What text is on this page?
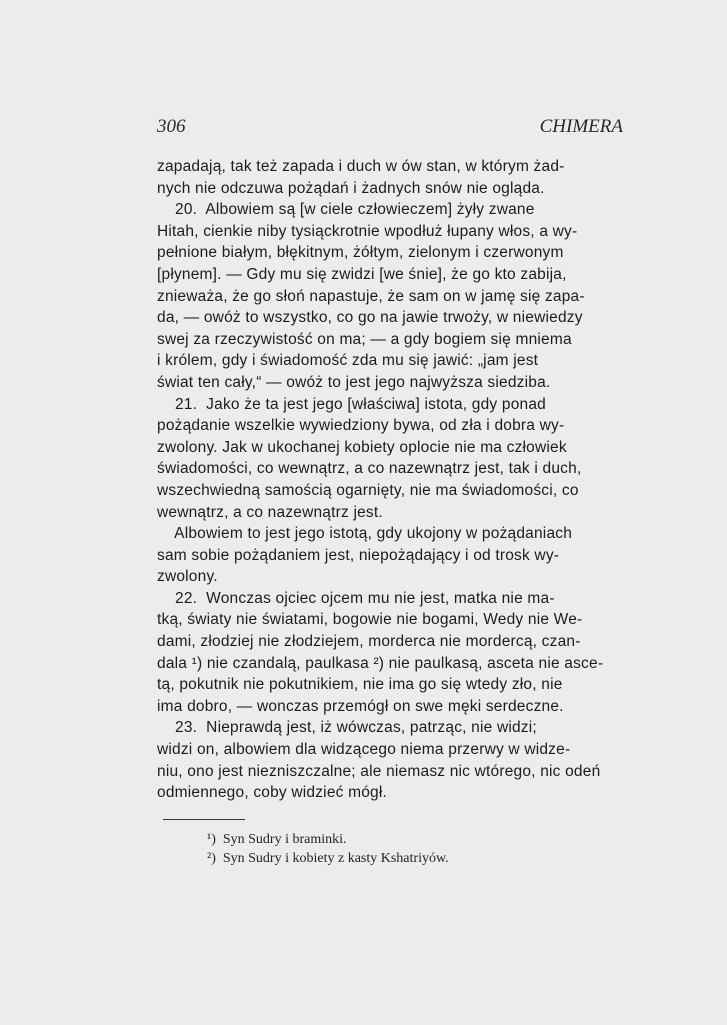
306	CHIMERA
zapadają, tak też zapada i duch w ów stan, w którym żad-
nych nie odczuwa pożądań i żadnych snów nie ogląda.
20.  Albowiem są [w ciele człowieczem] żyły zwane
Hitah, cienkie niby tysiąckrotnie wpodłuż łupany włos, a wy-
pełnione białym, błękitnym, żółtym, zielonym i czerwonym
[płynem]. — Gdy mu się zwidzi [we śnie], że go kto zabija,
znieważa, że go słoń napastuje, że sam on w jamę się zapa-
da, — owóż to wszystko, co go na jawie trwoży, w niewiedzy
swej za rzeczywistość on ma; — a gdy bogiem się mniema
i królem, gdy i świadomość zda mu się jawić: „jam jest
świat ten cały,“ — owóż to jest jego najwyższa siedziba.
21.  Jako że ta jest jego [właściwa] istota, gdy ponad
pożądanie wszelkie wywiedziony bywa, od zła i dobra wy-
zwolony. Jak w ukochanej kobiety oplocie nie ma człowiek
świadomości, co wewnątrz, a co nazewnątrz jest, tak i duch,
wszechwiedną samością ogarnięty, nie ma świadomości, co
wewnątrz, a co nazewnątrz jest.
Albowiem to jest jego istotą, gdy ukojony w pożądaniach
sam sobie pożądaniem jest, niepożądający i od trosk wy-
zwolony.
22.  Wonczas ojciec ojcem mu nie jest, matka nie ma-
tką, światy nie światami, bogowie nie bogami, Wedy nie We-
dami, złodziej nie złodziejem, morderca nie mordercą, czan-
dala ¹) nie czandalą, paulkasa ²) nie paulkasą, asceta nie asce-
tą, pokutnik nie pokutnikiem, nie ima go się wtedy zło, nie
ima dobro, — wonczas przemógł on swe męki serdeczne.
23.  Nieprawdą jest, iż wówczas, patrząc, nie widzi;
widzi on, albowiem dla widzącego niema przerwy w widze-
niu, ono jest niezniszczalne; ale niemasz nic wtórego, nic odeń
odmiennego, coby widzieć mógł.
¹)  Syn Sudry i braminki.
²)  Syn Sudry i kobiety z kasty Kshatriyów.
